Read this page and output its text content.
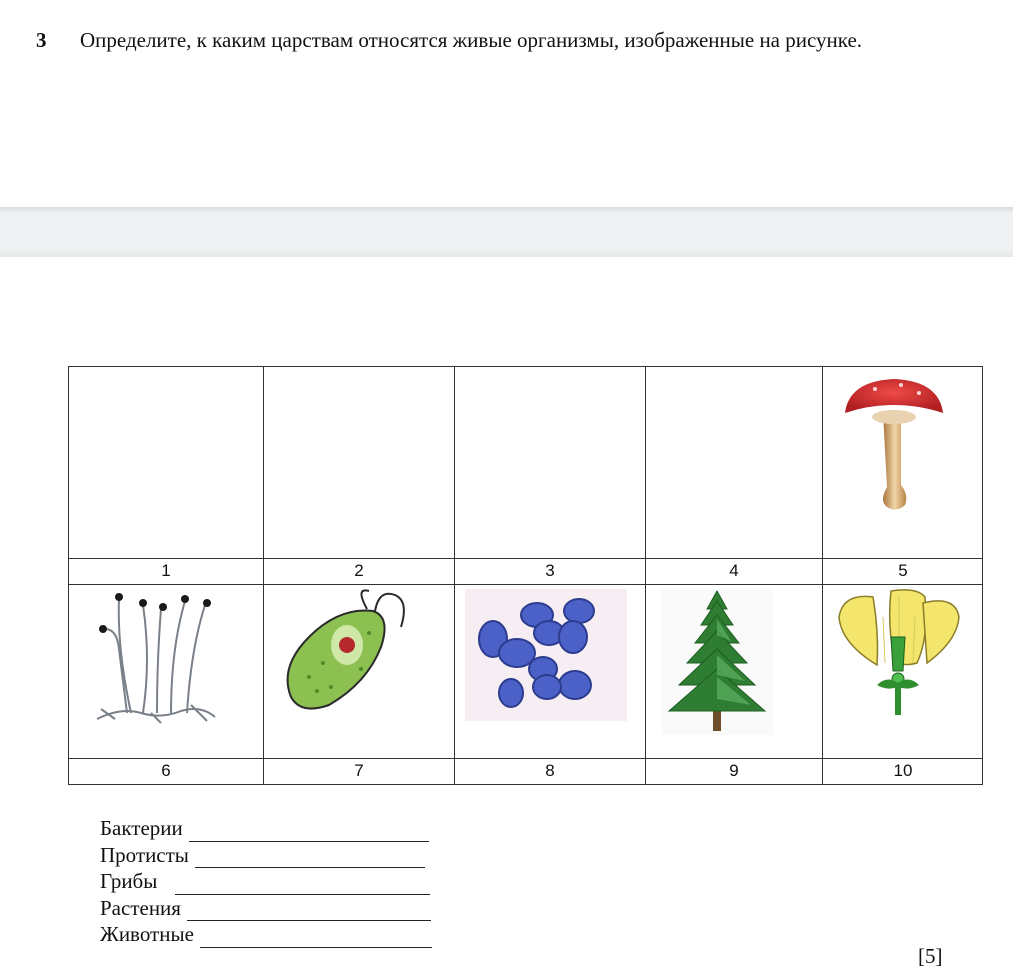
3 Определите, к каким царствам относятся живые организмы, изображенные на рисунке.
1	2	3	4	5
6	7	8	9	10
Бактерии
Протисты
Грибы
Растения
Животные
[5]
